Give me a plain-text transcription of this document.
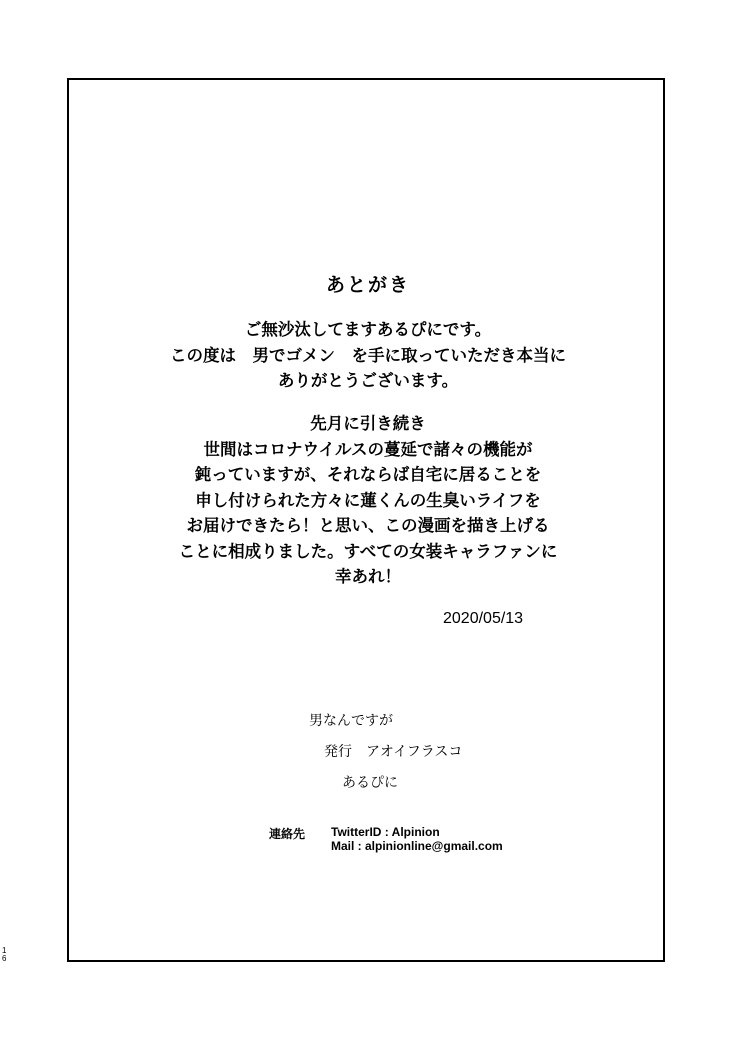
あとがき
ご無沙汰してますあるぴにです。
この度は　男でゴメン　を手に取っていただき本当に
ありがとうございます。
先月に引き続き
世間はコロナウイルスの蔓延で諸々の機能が
鈍っていますが、それならば自宅に居ることを
申し付けられた方々に蓮くんの生臭いライフを
お届けできたら！と思い、この漫画を描き上げる
ことに相成りました。すべての女装キャラファンに
幸あれ！
2020/05/13
男なんですが
発行　アオイフラスコ
あるぴに
連絡先 TwitterID : Alpinion
Mail : alpinionline@gmail.com
16
